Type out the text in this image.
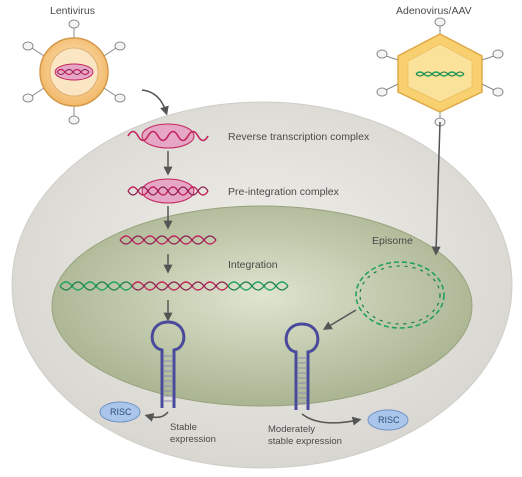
Lentivirus	Adenovirus/AAV
Reverse transcription complex
Pre-integration complex
Integration
Episome
RISC
RISC
Stable
expression
Moderately
stable expression
